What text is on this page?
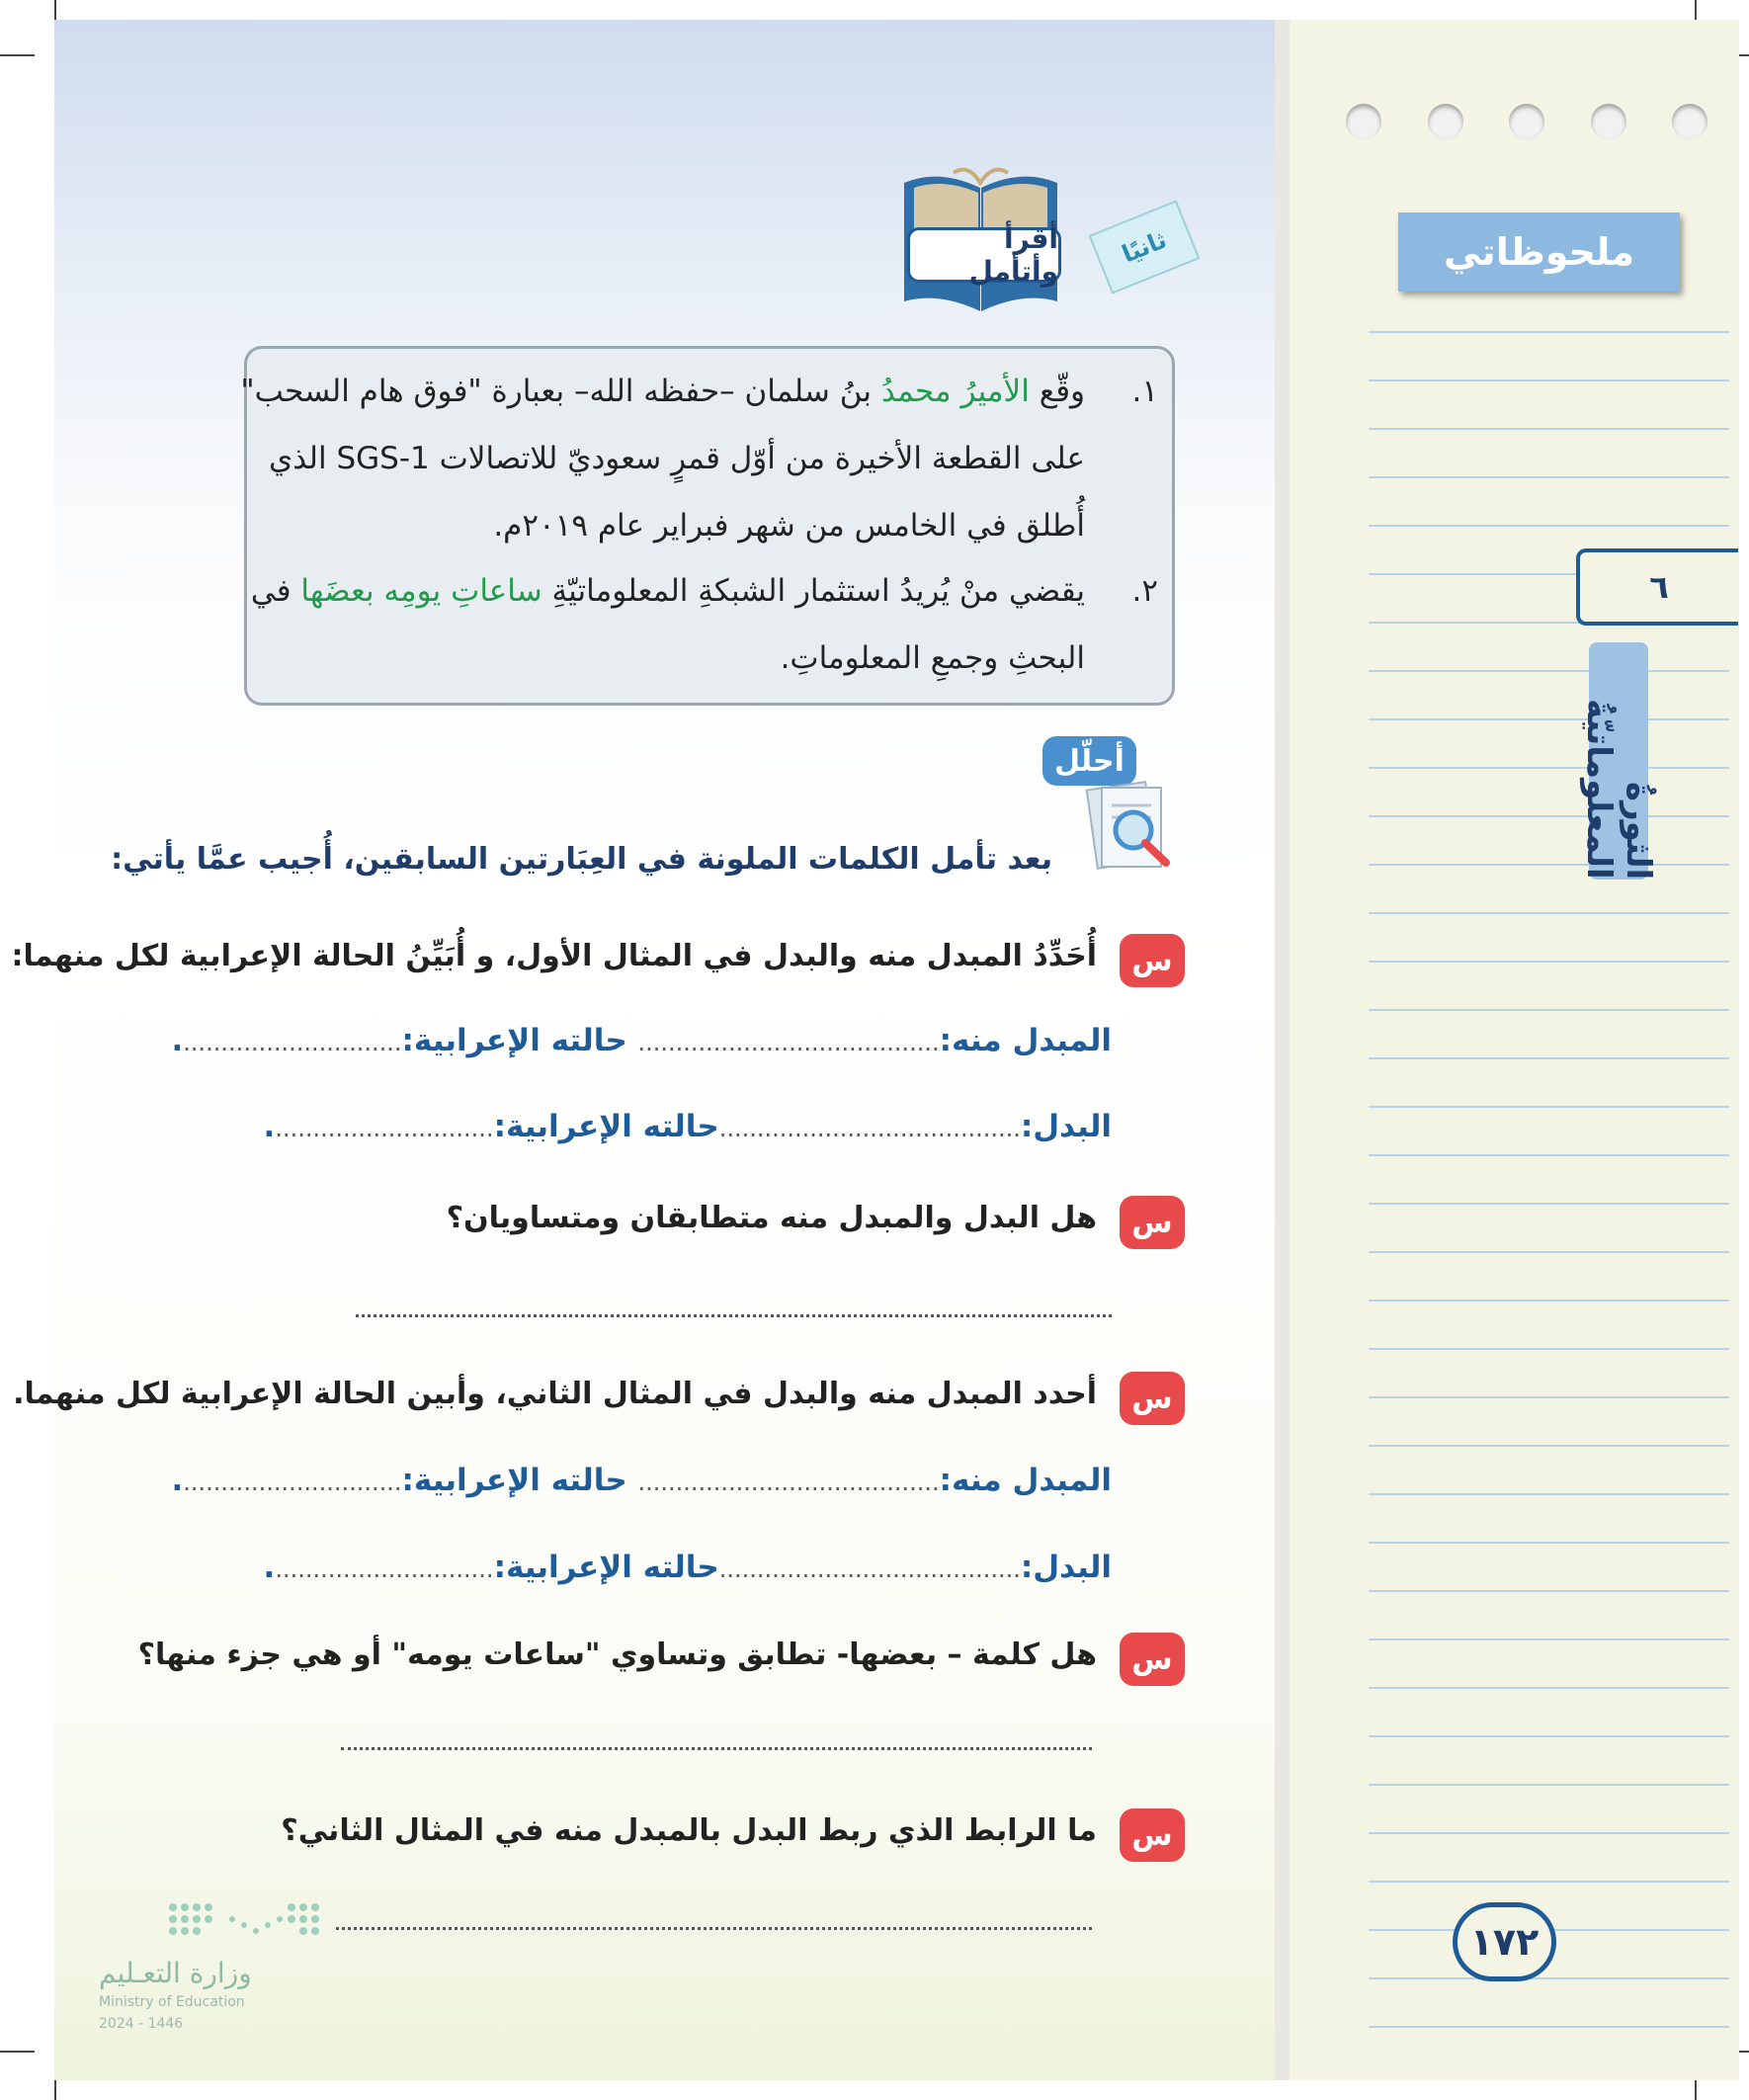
ملحوظاتي
٦
الثورةُ المعلوماتيّةُ
١٧٢
أقرأ وأتأمل
ثانيًا
١.
وقّع الأميرُ محمدُ بنُ سلمان –حفظه الله– بعبارة "فوق هام السحب"
على القطعة الأخيرة من أوّل قمرٍ سعوديّ للاتصالات SGS-1 الذي
أُطلق في الخامس من شهر فبراير عام ٢٠١٩م.
٢.
يقضي منْ يُريدُ استثمار الشبكةِ المعلوماتيّةِ ساعاتِ يومِه بعضَها في
البحثِ وجمعِ المعلوماتِ.
أحلّل
بعد تأمل الكلمات الملونة في العِبَارتين السابقين، أُجيب عمَّا يأتي:
س
أُحَدِّدُ المبدل منه والبدل في المثال الأول، و أُبَيِّنُ الحالة الإعرابية لكل منهما:
المبدل منه:........................................ حالته الإعرابية:..............................
البدل:........................................حالته الإعرابية:..............................
س
هل البدل والمبدل منه متطابقان ومتساويان؟
س
أحدد المبدل منه والبدل في المثال الثاني، وأبين الحالة الإعرابية لكل منهما.
المبدل منه:........................................ حالته الإعرابية:..............................
البدل:........................................حالته الإعرابية:..............................
س
هل كلمة – بعضها- تطابق وتساوي "ساعات يومه" أو هي جزء منها؟
س
ما الرابط الذي ربط البدل بالمبدل منه في المثال الثاني؟
وزارة التعـليم
Ministry of Education
2024 - 1446
